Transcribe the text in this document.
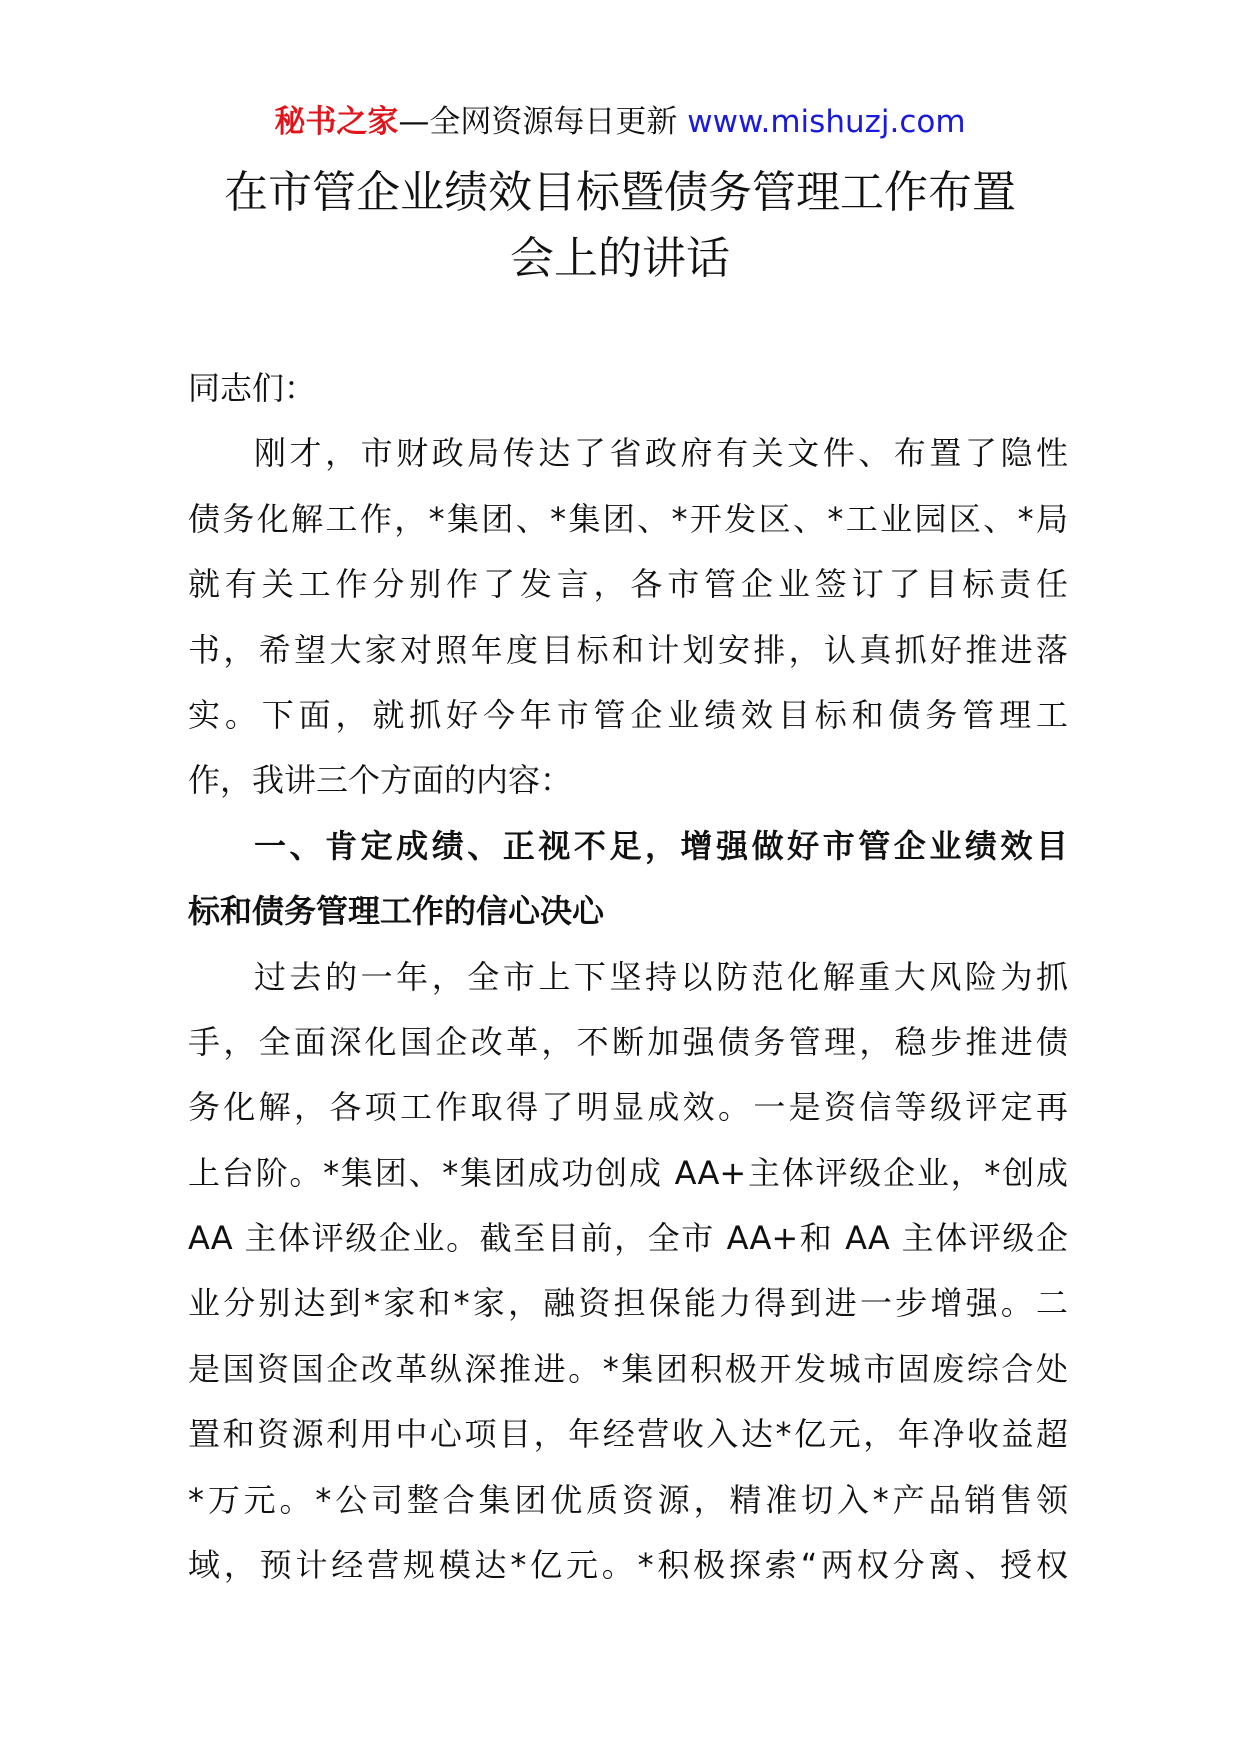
秘书之家—全网资源每日更新 www.mishuzj.com
在市管企业绩效目标暨债务管理工作布置
会上的讲话
同志们：
刚才，市财政局传达了省政府有关文件、布置了隐性
债务化解工作，*集团、*集团、*开发区、*工业园区、*局
就有关工作分别作了发言，各市管企业签订了目标责任
书，希望大家对照年度目标和计划安排，认真抓好推进落
实。下面，就抓好今年市管企业绩效目标和债务管理工
作，我讲三个方面的内容：
一、肯定成绩、正视不足，增强做好市管企业绩效目
标和债务管理工作的信心决心
过去的一年，全市上下坚持以防范化解重大风险为抓
手，全面深化国企改革，不断加强债务管理，稳步推进债
务化解，各项工作取得了明显成效。一是资信等级评定再
上台阶。*集团、*集团成功创成 AA+主体评级企业，*创成
AA 主体评级企业。截至目前，全市 AA+和 AA 主体评级企
业分别达到*家和*家，融资担保能力得到进一步增强。二
是国资国企改革纵深推进。*集团积极开发城市固废综合处
置和资源利用中心项目，年经营收入达*亿元，年净收益超
*万元。*公司整合集团优质资源，精准切入*产品销售领
域，预计经营规模达*亿元。*积极探索“两权分离、授权
